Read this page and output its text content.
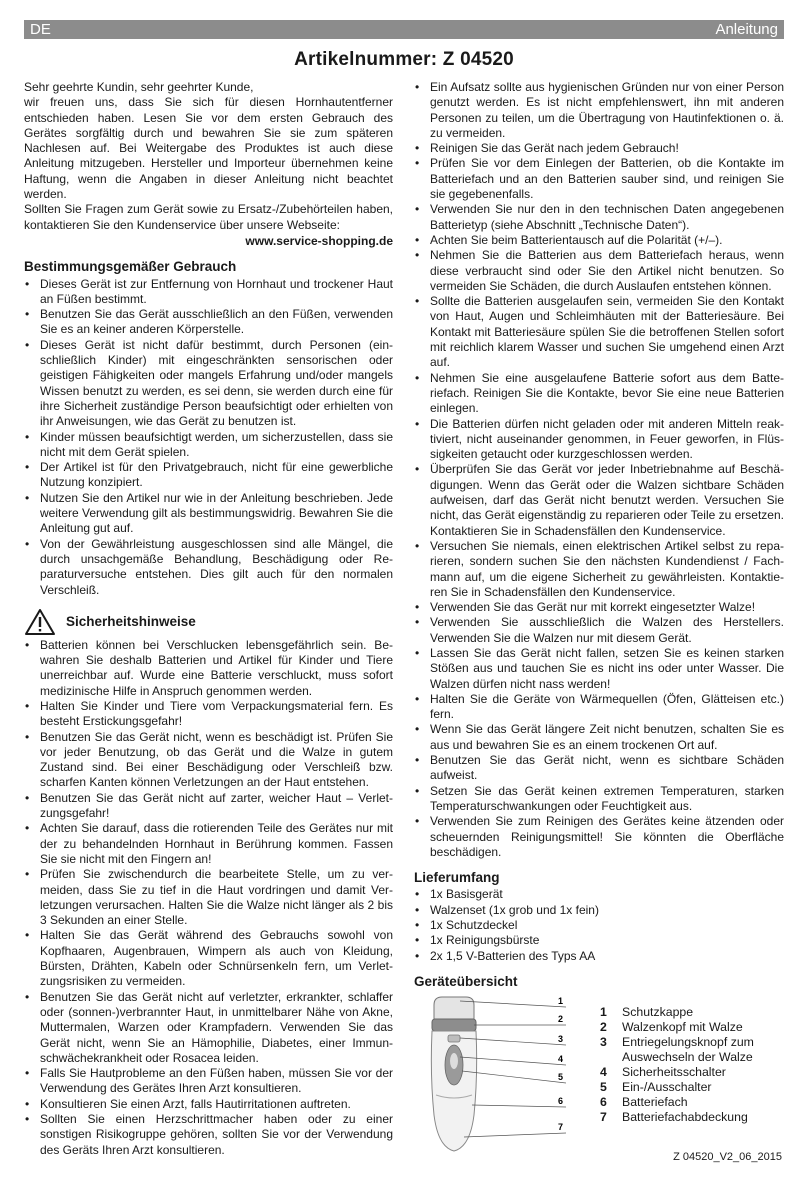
DE	Anleitung
Artikelnummer: Z 04520
Sehr geehrte Kundin, sehr geehrter Kunde,
wir freuen uns, dass Sie sich für diesen Hornhautentferner entschieden haben. Lesen Sie vor dem ersten Gebrauch des Gerätes sorgfältig durch und bewahren Sie sie zum späteren Nachlesen auf. Bei Weitergabe des Produktes ist auch diese Anleitung mitzugeben. Hersteller und Importeur übernehmen keine Haftung, wenn die Angaben in dieser Anleitung nicht beachtet werden.
Sollten Sie Fragen zum Gerät sowie zu Ersatz-/Zubehörteilen haben, kontaktieren Sie den Kundenservice über unsere Webseite:
www.service-shopping.de
Bestimmungsgemäßer Gebrauch
• Dieses Gerät ist zur Entfernung von Hornhaut und trockener Haut an Füßen bestimmt.
• Benutzen Sie das Gerät ausschließlich an den Füßen, verwenden Sie es an keiner anderen Körperstelle.
• Dieses Gerät ist nicht dafür bestimmt, durch Personen (einschließlich Kinder) mit eingeschränkten sensorischen oder geistigen Fähigkeiten oder mangels Erfahrung und/oder mangels Wissen benutzt zu werden, es sei denn, sie werden durch eine für ihre Sicherheit zuständige Person beaufsichtigt oder erhielten von ihr Anweisungen, wie das Gerät zu benutzen ist.
• Kinder müssen beaufsichtigt werden, um sicherzustellen, dass sie nicht mit dem Gerät spielen.
• Der Artikel ist für den Privatgebrauch, nicht für eine gewerbliche Nutzung konzipiert.
• Nutzen Sie den Artikel nur wie in der Anleitung beschrieben. Jede weitere Verwendung gilt als bestimmungswidrig. Bewahren Sie die Anleitung gut auf.
• Von der Gewährleistung ausgeschlossen sind alle Mängel, die durch unsachgemäße Behandlung, Beschädigung oder Reparaturversuche entstehen. Dies gilt auch für den normalen Verschleiß.
Sicherheitshinweise
• Batterien können bei Verschlucken lebensgefährlich sein. Bewahren Sie deshalb Batterien und Artikel für Kinder und Tiere unerreichbar auf. Wurde eine Batterie verschluckt, muss sofort medizinische Hilfe in Anspruch genommen werden.
• Halten Sie Kinder und Tiere vom Verpackungsmaterial fern. Es besteht Erstickungsgefahr!
• Benutzen Sie das Gerät nicht, wenn es beschädigt ist. Prüfen Sie vor jeder Benutzung, ob das Gerät und die Walze in gutem Zustand sind. Bei einer Beschädigung oder Verschleiß bzw. scharfen Kanten können Verletzungen an der Haut entstehen.
• Benutzen Sie das Gerät nicht auf zarter, weicher Haut – Verletzungsgefahr!
• Achten Sie darauf, dass die rotierenden Teile des Gerätes nur mit der zu behandelnden Hornhaut in Berührung kommen. Fassen Sie sie nicht mit den Fingern an!
• Prüfen Sie zwischendurch die bearbeitete Stelle, um zu vermeiden, dass Sie zu tief in die Haut vordringen und damit Verletzungen verursachen. Halten Sie die Walze nicht länger als 2 bis 3 Sekunden an einer Stelle.
• Halten Sie das Gerät während des Gebrauchs sowohl von Kopfhaaren, Augenbrauen, Wimpern als auch von Kleidung, Bürsten, Drähten, Kabeln oder Schnürsenkeln fern, um Verletzungsrisiken zu vermeiden.
• Benutzen Sie das Gerät nicht auf verletzter, erkrankter, schlaffer oder (sonnen-)verbrannter Haut, in unmittelbarer Nähe von Akne, Muttermalen, Warzen oder Krampfadern. Verwenden Sie das Gerät nicht, wenn Sie an Hämophilie, Diabetes, einer Immunschwächekrankheit oder Rosacea leiden.
• Falls Sie Hautprobleme an den Füßen haben, müssen Sie vor der Verwendung des Gerätes Ihren Arzt konsultieren.
• Konsultieren Sie einen Arzt, falls Hautirritationen auftreten.
• Sollten Sie einen Herzschrittmacher haben oder zu einer sonstigen Risikogruppe gehören, sollten Sie vor der Verwendung des Geräts Ihren Arzt konsultieren.
• Ein Aufsatz sollte aus hygienischen Gründen nur von einer Person genutzt werden. Es ist nicht empfehlenswert, ihn mit anderen Personen zu teilen, um die Übertragung von Hautinfektionen o. ä. zu vermeiden.
• Reinigen Sie das Gerät nach jedem Gebrauch!
• Prüfen Sie vor dem Einlegen der Batterien, ob die Kontakte im Batteriefach und an den Batterien sauber sind, und reinigen Sie sie gegebenenfalls.
• Verwenden Sie nur den in den technischen Daten angegebenen Batterietyp (siehe Abschnitt „Technische Daten“).
• Achten Sie beim Batterientausch auf die Polarität (+/–).
• Nehmen Sie die Batterien aus dem Batteriefach heraus, wenn diese verbraucht sind oder Sie den Artikel nicht benutzen. So vermeiden Sie Schäden, die durch Auslaufen entstehen können.
• Sollte die Batterien ausgelaufen sein, vermeiden Sie den Kontakt von Haut, Augen und Schleimhäuten mit der Batteriesäure. Bei Kontakt mit Batteriesäure spülen Sie die betroffenen Stellen sofort mit reichlich klarem Wasser und suchen Sie umgehend einen Arzt auf.
• Nehmen Sie eine ausgelaufene Batterie sofort aus dem Batteriefach. Reinigen Sie die Kontakte, bevor Sie eine neue Batterien einlegen.
• Die Batterien dürfen nicht geladen oder mit anderen Mitteln reaktiviert, nicht auseinander genommen, in Feuer geworfen, in Flüssigkeiten getaucht oder kurzgeschlossen werden.
• Überprüfen Sie das Gerät vor jeder Inbetriebnahme auf Beschädigungen. Wenn das Gerät oder die Walzen sichtbare Schäden aufweisen, darf das Gerät nicht benutzt werden. Versuchen Sie nicht, das Gerät eigenständig zu reparieren oder Teile zu ersetzen. Kontaktieren Sie in Schadensfällen den Kundenservice.
• Versuchen Sie niemals, einen elektrischen Artikel selbst zu reparieren, sondern suchen Sie den nächsten Kundendienst / Fachmann auf, um die eigene Sicherheit zu gewährleisten. Kontaktieren Sie in Schadensfällen den Kundenservice.
• Verwenden Sie das Gerät nur mit korrekt eingesetzter Walze!
• Verwenden Sie ausschließlich die Walzen des Herstellers. Verwenden Sie die Walzen nur mit diesem Gerät.
• Lassen Sie das Gerät nicht fallen, setzen Sie es keinen starken Stößen aus und tauchen Sie es nicht ins oder unter Wasser. Die Walzen dürfen nicht nass werden!
• Halten Sie die Geräte von Wärmequellen (Öfen, Glätteisen etc.) fern.
• Wenn Sie das Gerät längere Zeit nicht benutzen, schalten Sie es aus und bewahren Sie es an einem trockenen Ort auf.
• Benutzen Sie das Gerät nicht, wenn es sichtbare Schäden aufweist.
• Setzen Sie das Gerät keinen extremen Temperaturen, starken Temperaturschwankungen oder Feuchtigkeit aus.
• Verwenden Sie zum Reinigen des Gerätes keine ätzenden oder scheuernden Reinigungsmittel! Sie könnten die Oberfläche beschädigen.
Lieferumfang
• 1x Basisgerät
• Walzenset (1x grob und 1x fein)
• 1x Schutzdeckel
• 1x Reinigungsbürste
• 2x 1,5 V-Batterien des Typs AA
Geräteübersicht
1
2
3
4
5
6
7
1	Schutzkappe
2	Walzenkopf mit Walze
3	Entriegelungsknopf zum Auswechseln der Walze
4	Sicherheitsschalter
5	Ein-/Ausschalter
6	Batteriefach
7	Batteriefachabdeckung
Z 04520_V2_06_2015
